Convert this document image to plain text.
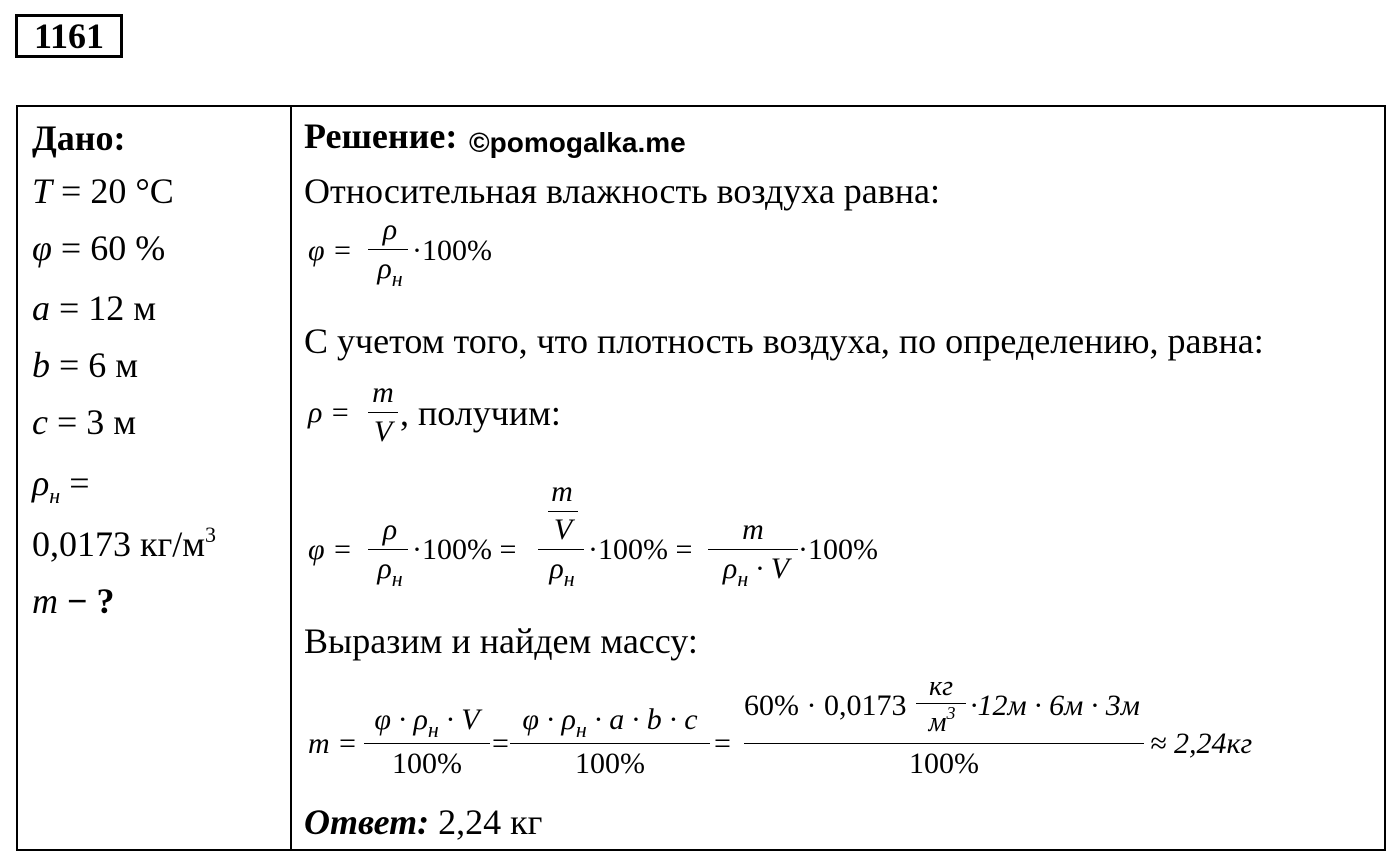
1161
Дано:
T = 20 °C
φ = 60 %
a = 12 м
b = 6 м
c = 3 м
$\rho_н$ =
0,0173 $кг/м^3$
m − ?
Решение: ©pomogalka.me
Относительная влажность воздуха равна:
φ =
ρ
$\rho_н$
·100%
С учетом того, что плотность воздуха, по определению, равна:
ρ =
m
V , получим:
φ =
ρ
$\rho_н$
·100% =
m
V
$\rho_н$
·100% =
m
$\rho_н \cdot V$
·100%
Выразим и найдем массу:
m =
$\varphi \cdot \rho_н \cdot V$
100%
=
$\varphi \cdot \rho_н \cdot a \cdot b \cdot c$
100%
=
60% · 0,0173
кг
$м^3 \cdot 12м \cdot 6м \cdot 3м$
100%
≈ 2,24кг
Ответ: 2,24 кг
